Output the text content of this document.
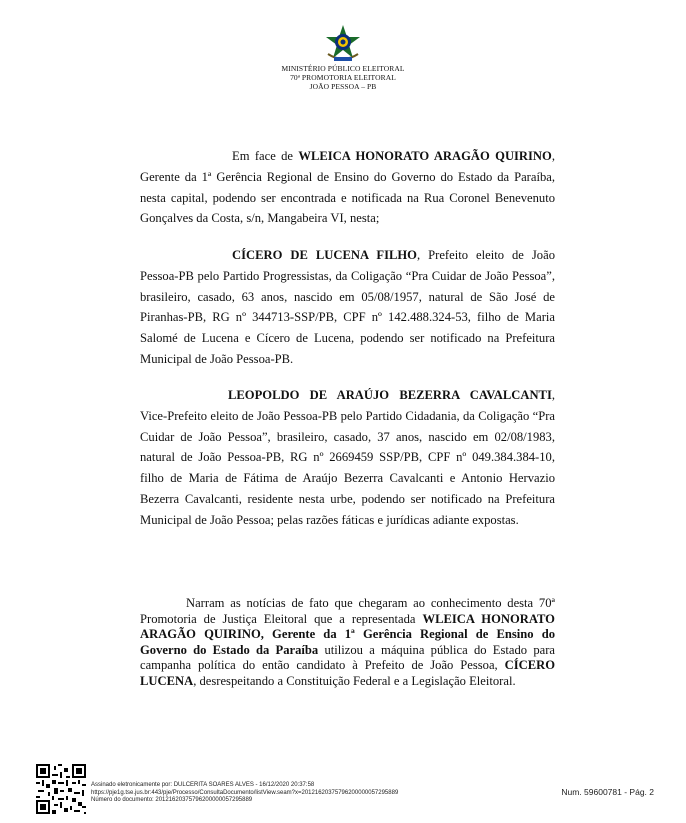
MINISTÉRIO PÚBLICO ELEITORAL
70ª PROMOTORIA ELEITORAL
JOÃO PESSOA – PB

Em face de WLEICA HONORATO ARAGÃO QUIRINO, Gerente da 1ª Gerência Regional de Ensino do Governo do Estado da Paraíba, nesta capital, podendo ser encontrada e notificada na Rua Coronel Benevenuto Gonçalves da Costa, s/n, Mangabeira VI, nesta;

CÍCERO DE LUCENA FILHO, Prefeito eleito de João Pessoa-PB pelo Partido Progressistas, da Coligação “Pra Cuidar de João Pessoa”, brasileiro, casado, 63 anos, nascido em 05/08/1957, natural de São José de Piranhas-PB, RG nº 344713-SSP/PB, CPF nº 142.488.324-53, filho de Maria Salomé de Lucena e Cícero de Lucena, podendo ser notificado na Prefeitura Municipal de João Pessoa-PB.

LEOPOLDO DE ARAÚJO BEZERRA CAVALCANTI, Vice-Prefeito eleito de João Pessoa-PB pelo Partido Cidadania, da Coligação “Pra Cuidar de João Pessoa”, brasileiro, casado, 37 anos, nascido em 02/08/1983, natural de João Pessoa-PB, RG nº 2669459 SSP/PB, CPF nº 049.384.384-10, filho de Maria de Fátima de Araújo Bezerra Cavalcanti e Antonio Hervazio Bezerra Cavalcanti, residente nesta urbe, podendo ser notificado na Prefeitura Municipal de João Pessoa; pelas razões fáticas e jurídicas adiante expostas.

Narram as notícias de fato que chegaram ao conhecimento desta 70ª Promotoria de Justiça Eleitoral que a representada WLEICA HONORATO ARAGÃO QUIRINO, Gerente da 1ª Gerência Regional de Ensino do Governo do Estado da Paraíba utilizou a máquina pública do Estado para campanha política do então candidato à Prefeito de João Pessoa, CÍCERO LUCENA, desrespeitando a Constituição Federal e a Legislação Eleitoral.
Assinado eletronicamente por: DULCERITA SOARES ALVES - 16/12/2020 20:37:58
https://pje1g.tse.jus.br:443/pje/Processo/ConsultaDocumento/listView.seam?x=20121620375796200000057295889
Número do documento: 20121620375796200000057295889
Num. 59600781 - Pág. 2
